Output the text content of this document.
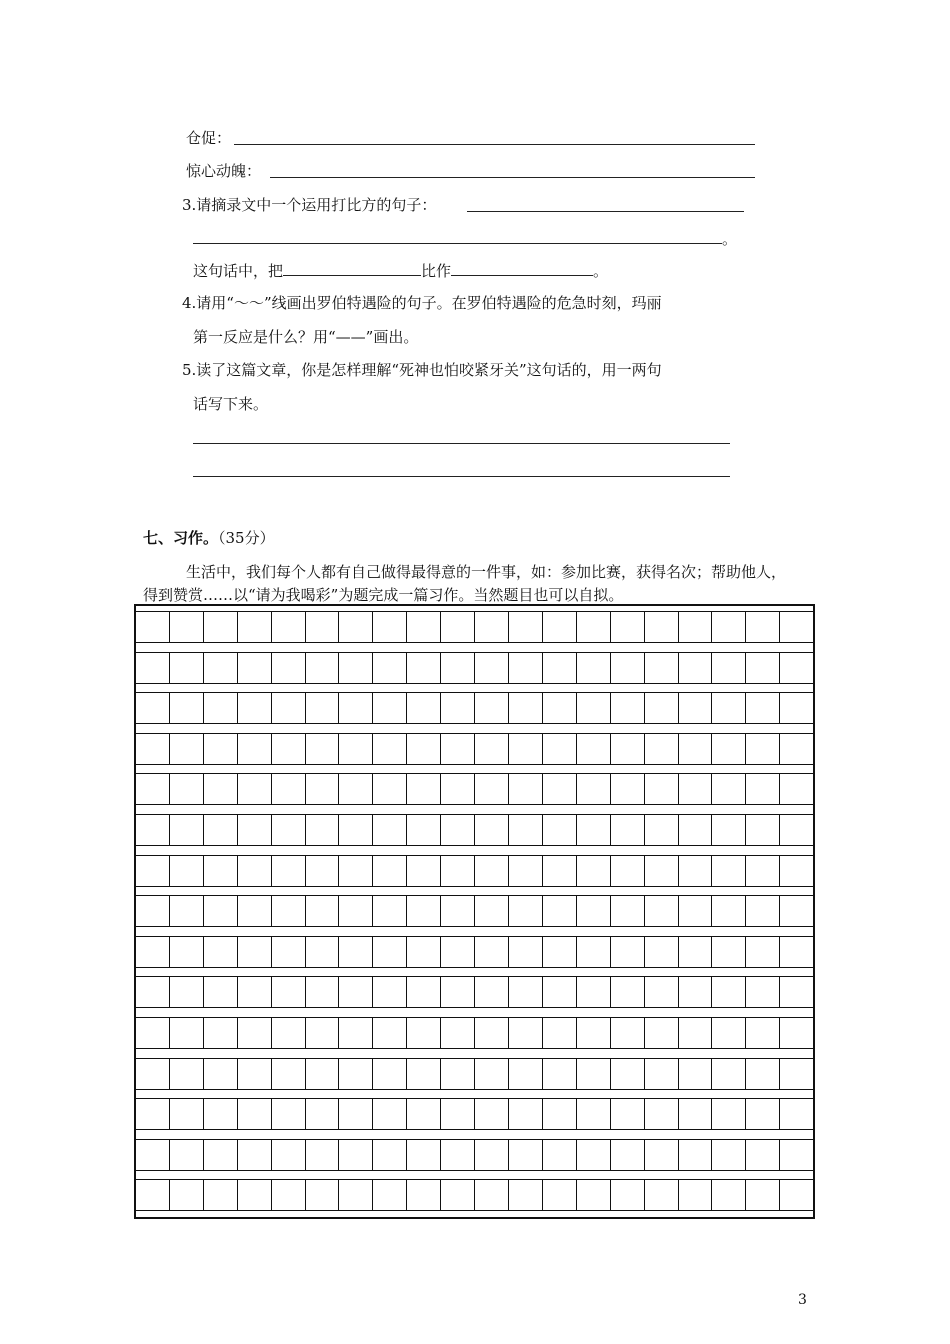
仓促：
惊心动魄：
3.请摘录文中一个运用打比方的句子：
。
这句话中，把	比作	。
4.请用“～～”线画出罗伯特遇险的句子。在罗伯特遇险的危急时刻，玛丽
第一反应是什么？用“——”画出。
5.读了这篇文章，你是怎样理解“死神也怕咬紧牙关”这句话的，用一两句
话写下来。
七、习作。（35分）
生活中，我们每个人都有自己做得最得意的一件事，如：参加比赛，获得名次；帮助他人，
得到赞赏……以“请为我喝彩”为题完成一篇习作。当然题目也可以自拟。
3
